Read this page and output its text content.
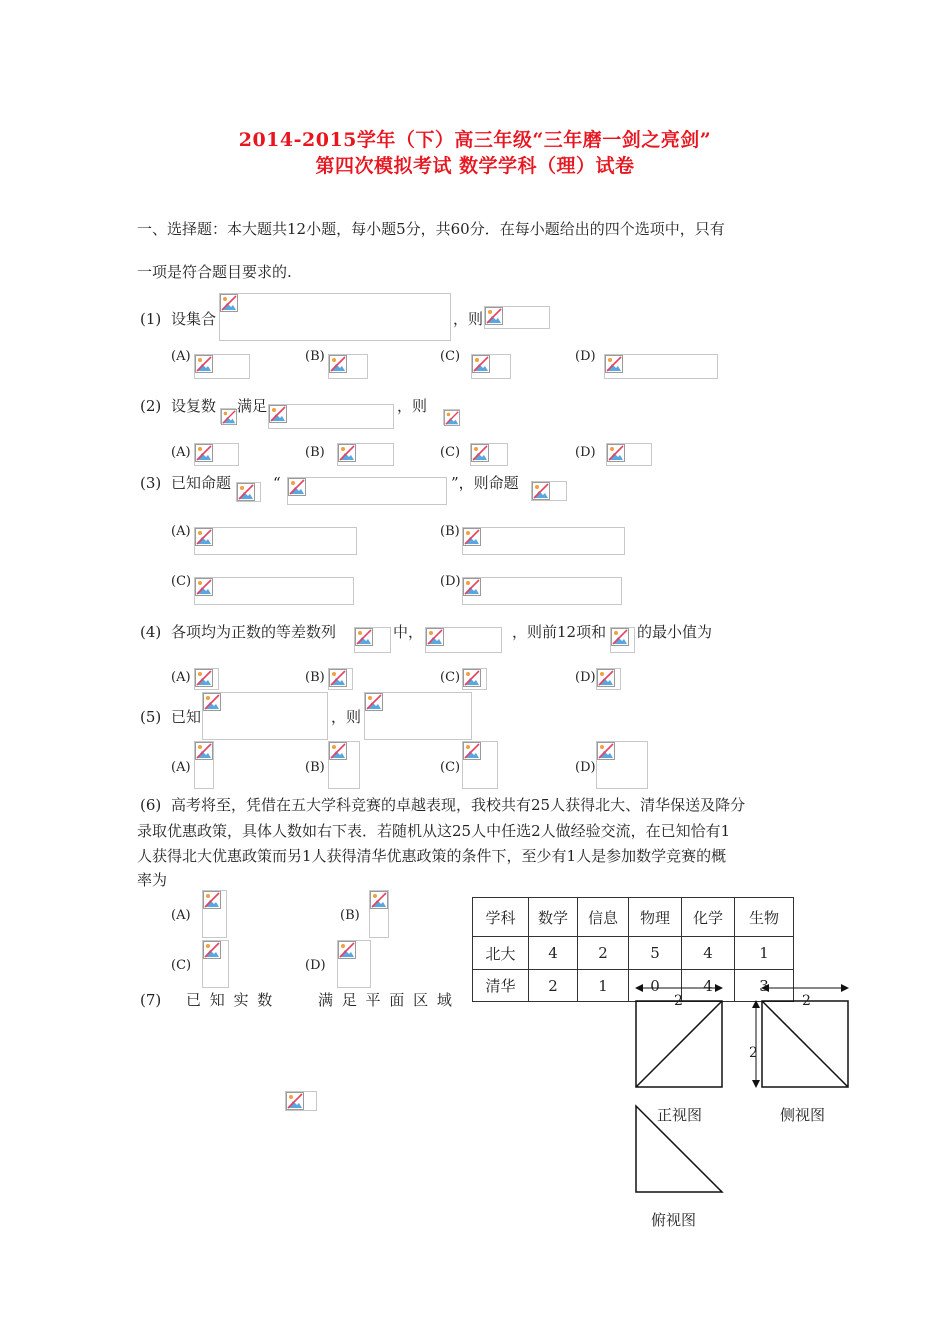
2014-2015学年（下）高三年级“三年磨一剑之亮剑”
第四次模拟考试 数学学科（理）试卷
一、选择题：本大题共12小题，每小题5分，共60分．在每小题给出的四个选项中，只有
一项是符合题目要求的.
(1) 设集合	，则
(A)	(B)	(C)	(D)
(2) 设复数 满足	，则
(A)	(B)	(C)	(D)
(3) 已知命题	“	”，则命题
(A)	(B)
(C)	(D)
(4) 各项均为正数的等差数列	中，	，则前12项和 的最小值为
(A)	(B)	(C)	(D)
(5) 已知	，则
(A)	(B)	(C)	(D)
(6) 高考将至，凭借在五大学科竞赛的卓越表现，我校共有25人获得北大、清华保送及降分
录取优惠政策，具体人数如右下表．若随机从这25人中任选2人做经验交流，在已知恰有1
人获得北大优惠政策而另1人获得清华优惠政策的条件下，至少有1人是参加数学竞赛的概
率为
(A)	(B)
(C)	(D)
学科	数学	信息	物理	化学	生物
北大	4	2	5	4	1
清华	2	1	0	4	3
(7) 已 知 实 数	满 足 平 面 区 域	2	2
2
正视图	侧视图
俯视图
